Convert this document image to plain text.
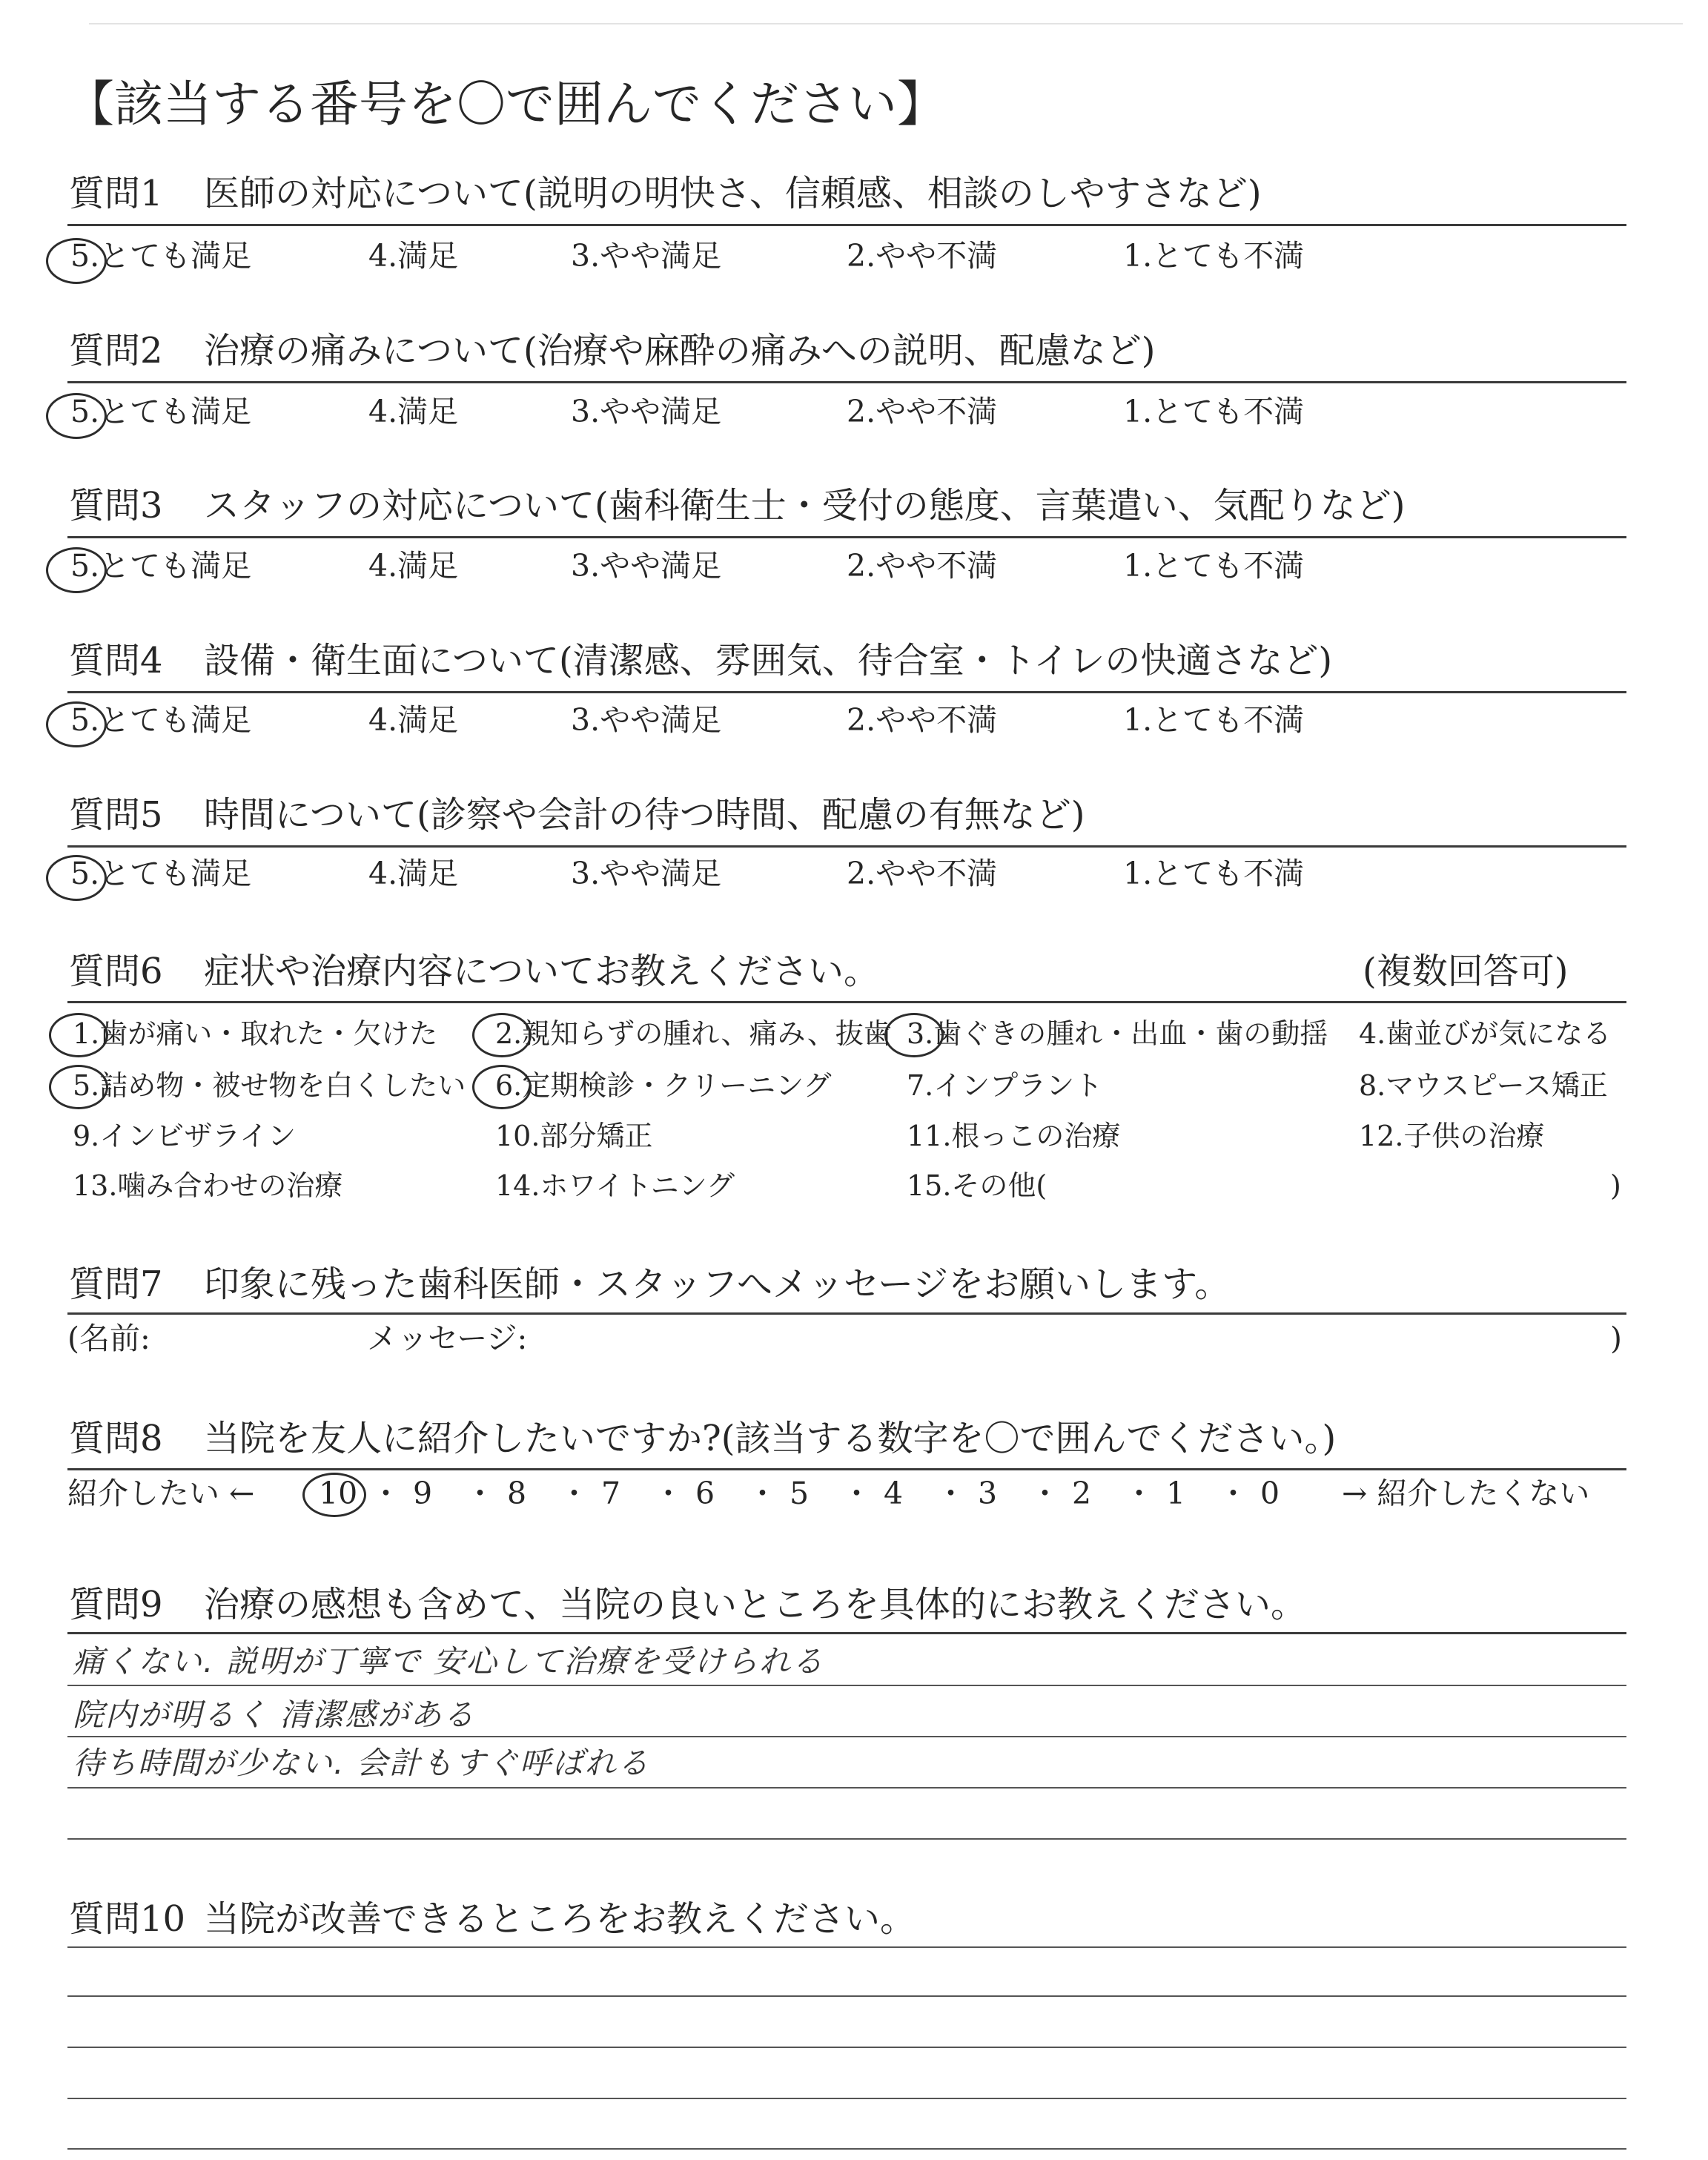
【該当する番号を〇で囲んでください】
質問1 医師の対応について(説明の明快さ、信頼感、相談のしやすさなど)
5.とても満足	4.満足	3.やや満足	2.やや不満	1.とても不満
質問2 治療の痛みについて(治療や麻酔の痛みへの説明、配慮など)
5.とても満足	4.満足	3.やや満足	2.やや不満	1.とても不満
質問3 スタッフの対応について(歯科衛生士・受付の態度、言葉遣い、気配りなど)
5.とても満足	4.満足	3.やや満足	2.やや不満	1.とても不満
質問4 設備・衛生面について(清潔感、雰囲気、待合室・トイレの快適さなど)
5.とても満足	4.満足	3.やや満足	2.やや不満	1.とても不満
質問5 時間について(診察や会計の待つ時間、配慮の有無など)
5.とても満足	4.満足	3.やや満足	2.やや不満	1.とても不満
質問6 症状や治療内容についてお教えください。	(複数回答可)
1.歯が痛い・取れた・欠けた 2.親知らずの腫れ、痛み、抜歯 3.歯ぐきの腫れ・出血・歯の動揺 4.歯並びが気になる
5.詰め物・被せ物を白くしたい 6.定期検診・クリーニング	7.インプラント	8.マウスピース矯正
9.インビザライン	10.部分矯正	11.根っこの治療	12.子供の治療
13.噛み合わせの治療	14.ホワイトニング	15.その他(	)
質問7 印象に残った歯科医師・スタッフへメッセージをお願いします。
(名前:	メッセージ:	)
質問8 当院を友人に紹介したいですか?(該当する数字を〇で囲んでください。)
紹介したい ← 10 ・ 9 ・ 8 ・ 7 ・ 6 ・ 5 ・ 4 ・ 3 ・ 2 ・ 1 ・ 0 → 紹介したくない
質問9 治療の感想も含めて、当院の良いところを具体的にお教えください。
痛くない. 説明が丁寧で 安心して治療を受けられる
院内が明るく 清潔感がある
待ち時間が少ない. 会計もすぐ呼ばれる
質問10 当院が改善できるところをお教えください。
